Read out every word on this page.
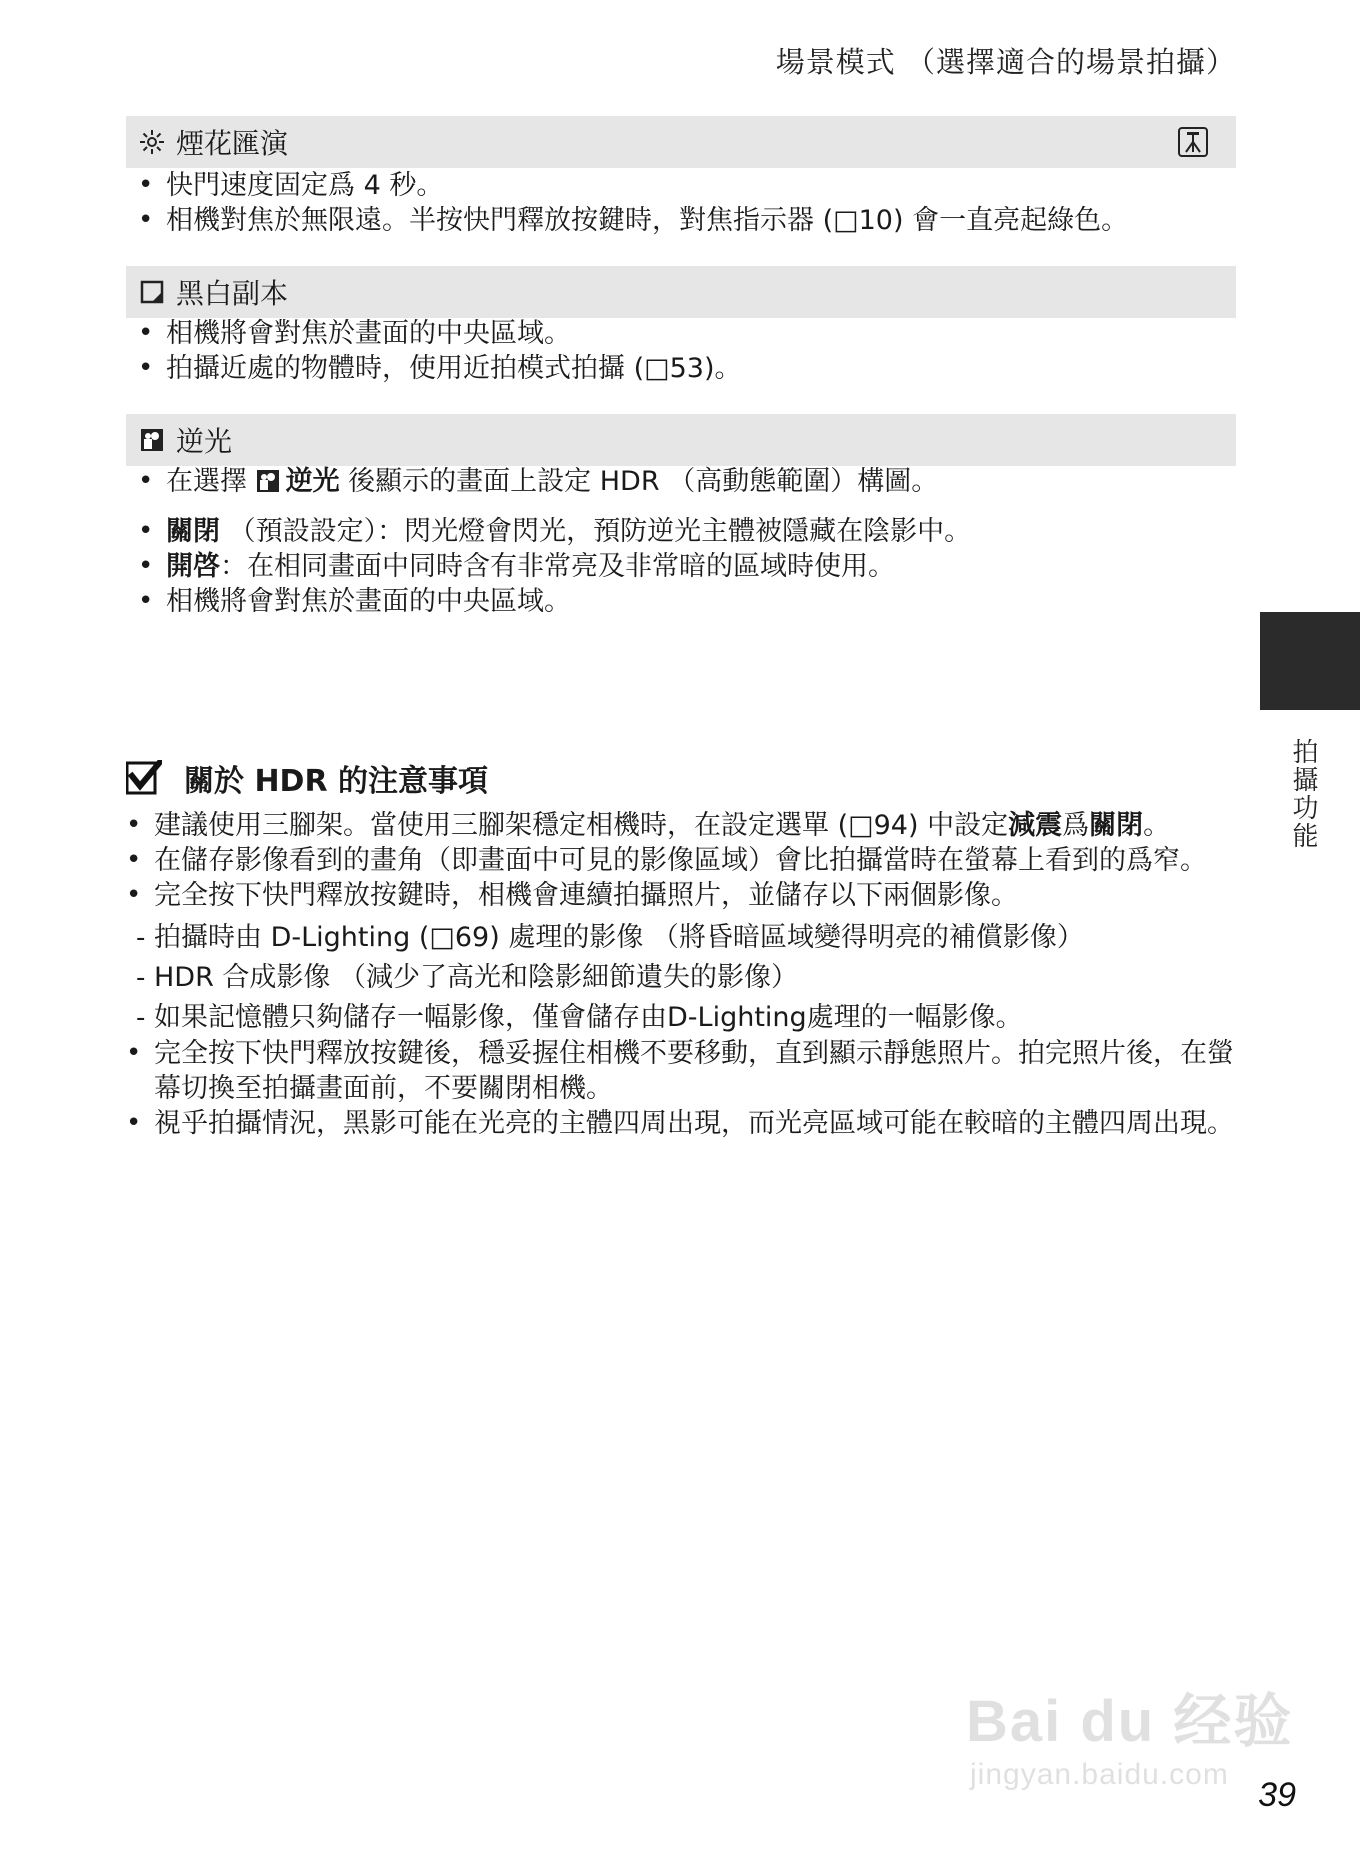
場景模式 （選擇適合的場景拍攝）
煙花匯演
• 快門速度固定爲 4 秒。
• 相機對焦於無限遠。半按快門釋放按鍵時，對焦指示器 (□10) 會一直亮起綠色。
黑白副本
• 相機將會對焦於畫面的中央區域。
• 拍攝近處的物體時，使用近拍模式拍攝 (□53)。
逆光
• 在選擇 逆光 後顯示的畫面上設定 HDR （高動態範圍）構圖。
• 關閉 （預設設定）：閃光燈會閃光，預防逆光主體被隱藏在陰影中。
• 開啓：在相同畫面中同時含有非常亮及非常暗的區域時使用。
• 相機將會對焦於畫面的中央區域。
拍攝功能
關於 HDR 的注意事項
• 建議使用三腳架。當使用三腳架穩定相機時，在設定選單 (□94) 中設定減震爲關閉。
• 在儲存影像看到的畫角（即畫面中可見的影像區域）會比拍攝當時在螢幕上看到的爲窄。
• 完全按下快門釋放按鍵時，相機會連續拍攝照片，並儲存以下兩個影像。
- 拍攝時由 D-Lighting (□69) 處理的影像 （將昏暗區域變得明亮的補償影像）
- HDR 合成影像 （減少了高光和陰影細節遺失的影像）
- 如果記憶體只夠儲存一幅影像，僅會儲存由D-Lighting處理的一幅影像。
• 完全按下快門釋放按鍵後，穩妥握住相機不要移動，直到顯示靜態照片。拍完照片後，在螢幕切換至拍攝畫面前，不要關閉相機。
• 視乎拍攝情況，黑影可能在光亮的主體四周出現，而光亮區域可能在較暗的主體四周出現。
Bai du 经验
jingyan.baidu.com
39
